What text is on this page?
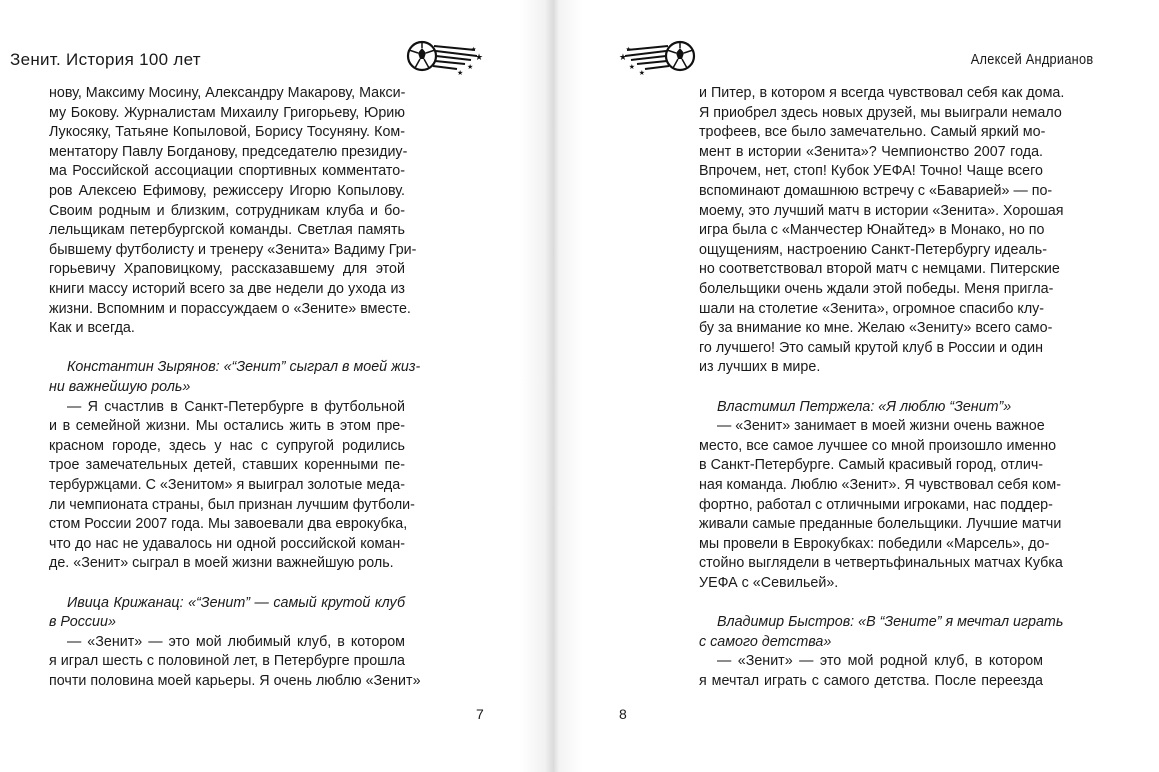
Зенит. История 100 лет	★
★
★
★
нову, Максиму Мосину, Александру Макарову, Макси-
му Бокову. Журналистам Михаилу Григорьеву, Юрию
Лукосяку, Татьяне Копыловой, Борису Тосуняну. Ком-
ментатору Павлу Богданову, председателю президиу-
ма Российской ассоциации спортивных комментато-
ров Алексею Ефимову, режиссеру Игорю Копылову.
Своим родным и близким, сотрудникам клуба и бо-
лельщикам петербургской команды. Светлая память
бывшему футболисту и тренеру «Зенита» Вадиму Гри-
горьевичу Храповицкому, рассказавшему для этой
книги массу историй всего за две недели до ухода из
жизни. Вспомним и порассуждаем о «Зените» вместе.
Как и всегда.
Константин Зырянов: «“Зенит” сыграл в моей жиз-
ни важнейшую роль»
— Я счастлив в Санкт-Петербурге в футбольной
и в семейной жизни. Мы остались жить в этом пре-
красном городе, здесь у нас с супругой родились
трое замечательных детей, ставших коренными пе-
тербуржцами. С «Зенитом» я выиграл золотые меда-
ли чемпионата страны, был признан лучшим футболи-
стом России 2007 года. Мы завоевали два еврокубка,
что до нас не удавалось ни одной российской коман-
де. «Зенит» сыграл в моей жизни важнейшую роль.
Ивица Крижанац: «“Зенит” — самый крутой клуб
в России»
— «Зенит» — это мой любимый клуб, в котором
я играл шесть с половиной лет, в Петербурге прошла
почти половина моей карьеры. Я очень люблю «Зенит»
7
★
★
★
★
Алексей Андрианов
и Питер, в котором я всегда чувствовал себя как дома.
Я приобрел здесь новых друзей, мы выиграли немало
трофеев, все было замечательно. Самый яркий мо-
мент в истории «Зенита»? Чемпионство 2007 года.
Впрочем, нет, стоп! Кубок УЕФА! Точно! Чаще всего
вспоминают домашнюю встречу с «Баварией» — по-
моему, это лучший матч в истории «Зенита». Хорошая
игра была с «Манчестер Юнайтед» в Монако, но по
ощущениям, настроению Санкт-Петербургу идеаль-
но соответствовал второй матч с немцами. Питерские
болельщики очень ждали этой победы. Меня пригла-
шали на столетие «Зенита», огромное спасибо клу-
бу за внимание ко мне. Желаю «Зениту» всего само-
го лучшего! Это самый крутой клуб в России и один
из лучших в мире.
Властимил Петржела: «Я люблю “Зенит”»
— «Зенит» занимает в моей жизни очень важное
место, все самое лучшее со мной произошло именно
в Санкт-Петербурге. Самый красивый город, отлич-
ная команда. Люблю «Зенит». Я чувствовал себя ком-
фортно, работал с отличными игроками, нас поддер-
живали самые преданные болельщики. Лучшие матчи
мы провели в Еврокубках: победили «Марсель», до-
стойно выглядели в четвертьфинальных матчах Кубка
УЕФА с «Севильей».
Владимир Быстров: «В “Зените” я мечтал играть
с самого детства»
— «Зенит» — это мой родной клуб, в котором
я мечтал играть с самого детства. После переезда
8
